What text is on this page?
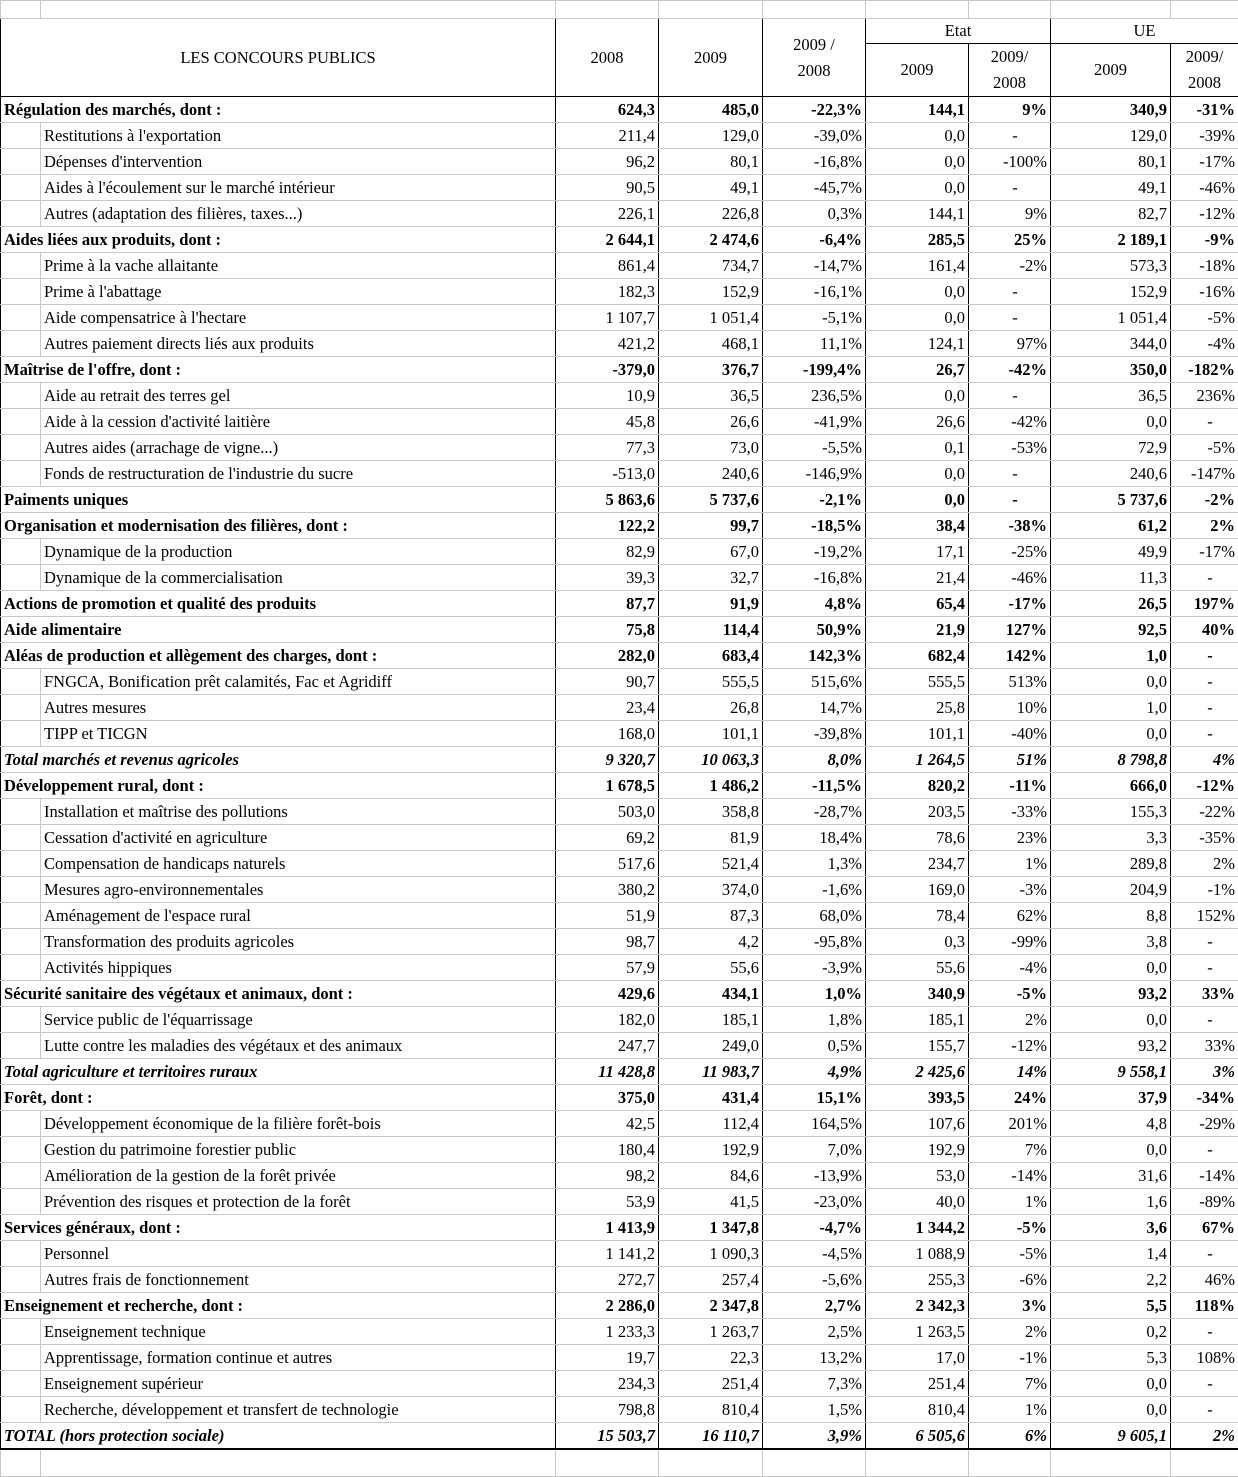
LES CONCOURS PUBLICS		2008	2009	2009 / 2008	Etat		UE	
					2009	2009/ 2008	2009	2009/ 2008
Régulation des marchés, dont :		624,3	485,0	-22,3%	144,1	9%	340,9	-31%
	Restitutions à l'exportation	211,4	129,0	-39,0%	0,0	-	129,0	-39%
	Dépenses d'intervention	96,2	80,1	-16,8%	0,0	-100%	80,1	-17%
	Aides à l'écoulement sur le marché intérieur	90,5	49,1	-45,7%	0,0	-	49,1	-46%
	Autres (adaptation des filières, taxes...)	226,1	226,8	0,3%	144,1	9%	82,7	-12%
Aides liées aux produits, dont :		2 644,1	2 474,6	-6,4%	285,5	25%	2 189,1	-9%
	Prime à la vache allaitante	861,4	734,7	-14,7%	161,4	-2%	573,3	-18%
	Prime à l'abattage	182,3	152,9	-16,1%	0,0	-	152,9	-16%
	Aide compensatrice à l'hectare	1 107,7	1 051,4	-5,1%	0,0	-	1 051,4	-5%
	Autres paiement directs liés aux produits	421,2	468,1	11,1%	124,1	97%	344,0	-4%
Maîtrise de l'offre, dont :		-379,0	376,7	-199,4%	26,7	-42%	350,0	-182%
	Aide au retrait des terres gel	10,9	36,5	236,5%	0,0	-	36,5	236%
	Aide à la cession d'activité laitière	45,8	26,6	-41,9%	26,6	-42%	0,0	-
	Autres aides (arrachage de vigne...)	77,3	73,0	-5,5%	0,1	-53%	72,9	-5%
	Fonds de restructuration de l'industrie du sucre	-513,0	240,6	-146,9%	0,0	-	240,6	-147%
Paiments uniques		5 863,6	5 737,6	-2,1%	0,0	-	5 737,6	-2%
Organisation et modernisation des filières, dont :		122,2	99,7	-18,5%	38,4	-38%	61,2	2%
	Dynamique de la production	82,9	67,0	-19,2%	17,1	-25%	49,9	-17%
	Dynamique de la commercialisation	39,3	32,7	-16,8%	21,4	-46%	11,3	-
Actions de promotion et qualité des produits		87,7	91,9	4,8%	65,4	-17%	26,5	197%
Aide alimentaire		75,8	114,4	50,9%	21,9	127%	92,5	40%
Aléas de production et allègement des charges, dont :		282,0	683,4	142,3%	682,4	142%	1,0	-
	FNGCA, Bonification prêt calamités, Fac et Agridiff	90,7	555,5	515,6%	555,5	513%	0,0	-
	Autres mesures	23,4	26,8	14,7%	25,8	10%	1,0	-
	TIPP et TICGN	168,0	101,1	-39,8%	101,1	-40%	0,0	-
Total marchés et revenus agricoles		9 320,7	10 063,3	8,0%	1 264,5	51%	8 798,8	4%
Développement rural, dont :		1 678,5	1 486,2	-11,5%	820,2	-11%	666,0	-12%
	Installation et maîtrise des pollutions	503,0	358,8	-28,7%	203,5	-33%	155,3	-22%
	Cessation d'activité en agriculture	69,2	81,9	18,4%	78,6	23%	3,3	-35%
	Compensation de handicaps naturels	517,6	521,4	1,3%	234,7	1%	289,8	2%
	Mesures agro-environnementales	380,2	374,0	-1,6%	169,0	-3%	204,9	-1%
	Aménagement de l'espace rural	51,9	87,3	68,0%	78,4	62%	8,8	152%
	Transformation des produits agricoles	98,7	4,2	-95,8%	0,3	-99%	3,8	-
	Activités hippiques	57,9	55,6	-3,9%	55,6	-4%	0,0	-
Sécurité sanitaire des végétaux et animaux, dont :		429,6	434,1	1,0%	340,9	-5%	93,2	33%
	Service public de l'équarrissage	182,0	185,1	1,8%	185,1	2%	0,0	-
	Lutte contre les maladies des végétaux et des animaux	247,7	249,0	0,5%	155,7	-12%	93,2	33%
Total agriculture et territoires ruraux		11 428,8	11 983,7	4,9%	2 425,6	14%	9 558,1	3%
Forêt, dont :		375,0	431,4	15,1%	393,5	24%	37,9	-34%
	Développement économique de la filière forêt-bois	42,5	112,4	164,5%	107,6	201%	4,8	-29%
	Gestion du patrimoine forestier public	180,4	192,9	7,0%	192,9	7%	0,0	-
	Amélioration de la gestion de la forêt privée	98,2	84,6	-13,9%	53,0	-14%	31,6	-14%
	Prévention des risques et protection de la forêt	53,9	41,5	-23,0%	40,0	1%	1,6	-89%
Services généraux, dont :		1 413,9	1 347,8	-4,7%	1 344,2	-5%	3,6	67%
	Personnel	1 141,2	1 090,3	-4,5%	1 088,9	-5%	1,4	-
	Autres frais de fonctionnement	272,7	257,4	-5,6%	255,3	-6%	2,2	46%
Enseignement et recherche, dont :		2 286,0	2 347,8	2,7%	2 342,3	3%	5,5	118%
	Enseignement technique	1 233,3	1 263,7	2,5%	1 263,5	2%	0,2	-
	Apprentissage, formation continue et autres	19,7	22,3	13,2%	17,0	-1%	5,3	108%
	Enseignement supérieur	234,3	251,4	7,3%	251,4	7%	0,0	-
	Recherche, développement et transfert de technologie	798,8	810,4	1,5%	810,4	1%	0,0	-
TOTAL (hors protection sociale)		15 503,7	16 110,7	3,9%	6 505,6	6%	9 605,1	2%
